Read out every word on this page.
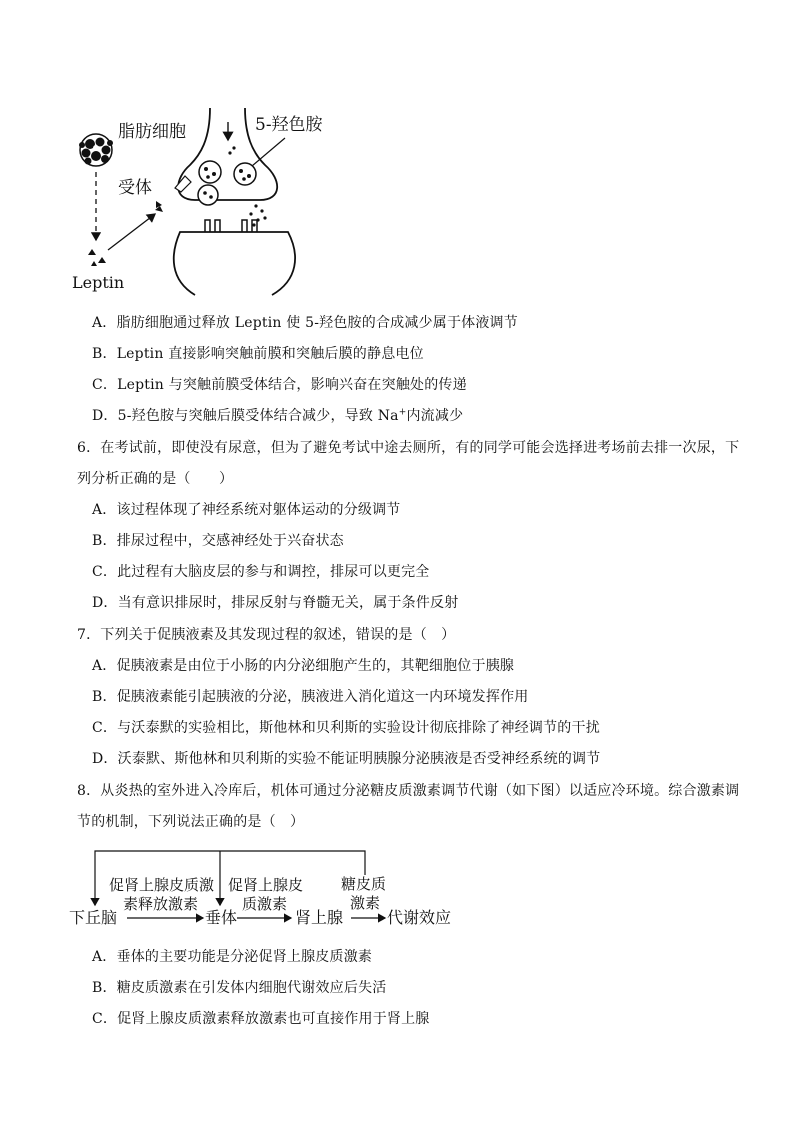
脂肪细胞
Leptin
受体
5-羟色胺
A．脂肪细胞通过释放 Leptin 使 5-羟色胺的合成减少属于体液调节
B．Leptin 直接影响突触前膜和突触后膜的静息电位
C．Leptin 与突触前膜受体结合，影响兴奋在突触处的传递
D．5-羟色胺与突触后膜受体结合减少，导致 Na+内流减少
6．在考试前，即使没有尿意，但为了避免考试中途去厕所，有的同学可能会选择进考场前去排一次尿，下
列分析正确的是（　　）
A．该过程体现了神经系统对躯体运动的分级调节
B．排尿过程中，交感神经处于兴奋状态
C．此过程有大脑皮层的参与和调控，排尿可以更完全
D．当有意识排尿时，排尿反射与脊髓无关，属于条件反射
7．下列关于促胰液素及其发现过程的叙述，错误的是（　）
A．促胰液素是由位于小肠的内分泌细胞产生的，其靶细胞位于胰腺
B．促胰液素能引起胰液的分泌，胰液进入消化道这一内环境发挥作用
C．与沃泰默的实验相比，斯他林和贝利斯的实验设计彻底排除了神经调节的干扰
D．沃泰默、斯他林和贝利斯的实验不能证明胰腺分泌胰液是否受神经系统的调节
8．从炎热的室外进入冷库后，机体可通过分泌糖皮质激素调节代谢（如下图）以适应冷环境。综合激素调
节的机制，下列说法正确的是（　）
下丘脑	垂体	肾上腺	代谢效应
促肾上腺皮质激
素释放激素
促肾上腺皮
质激素
糖皮质
激素
A．垂体的主要功能是分泌促肾上腺皮质激素
B．糖皮质激素在引发体内细胞代谢效应后失活
C．促肾上腺皮质激素释放激素也可直接作用于肾上腺
